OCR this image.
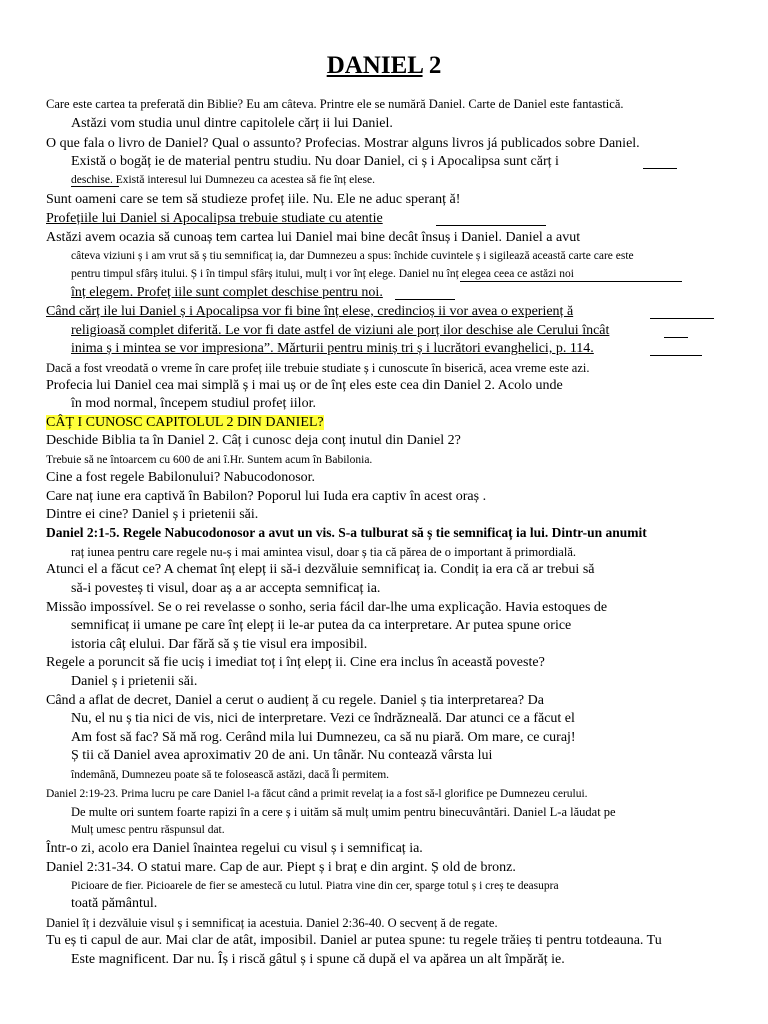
DANIEL 2
Care este cartea ta preferată din Biblie? Eu am câteva. Printre ele se numără Daniel. Carte de Daniel este fantastică.
Astăzi vom studia unul dintre capitolele cărț ii lui Daniel.
O que fala o livro de Daniel? Qual o assunto? Profecias. Mostrar alguns livros já publicados sobre Daniel.
Există o bogăț ie de material pentru studiu. Nu doar Daniel, ci ș i Apocalipsa sunt cărț i
deschise. Există interesul lui Dumnezeu ca acestea să fie înț elese.
Sunt oameni care se tem să studieze profeț iile. Nu. Ele ne aduc speranț ă!
Profețiile lui Daniel si Apocalipsa trebuie studiate cu atentie
Astăzi avem ocazia să cunoaș tem cartea lui Daniel mai bine decât însuș i Daniel. Daniel a avut
câteva viziuni ș i am vrut să ș tiu semnificaț ia, dar Dumnezeu a spus: închide cuvintele ș i sigilează această carte care este
pentru timpul sfârș itului. Ș i în timpul sfârș itului, mulț i vor înț elege. Daniel nu înț elegea ceea ce astăzi noi
înț elegem. Profeț iile sunt complet deschise pentru noi.
Când cărț ile lui Daniel ș i Apocalipsa vor fi bine înț elese, credincioș ii vor avea o experienț ă
religioasă complet diferită. Le vor fi date astfel de viziuni ale porț ilor deschise ale Cerului încât
inima ș i mintea se vor impresiona”. Mărturii pentru miniș tri ș i lucrători evanghelici, p. 114.
Dacă a fost vreodată o vreme în care profeț iile trebuie studiate ș i cunoscute în biserică, acea vreme este azi.
Profecia lui Daniel cea mai simplă ș i mai uș or de înț eles este cea din Daniel 2. Acolo unde
în mod normal, începem studiul profeț iilor.
CÂȚ I CUNOSC CAPITOLUL 2 DIN DANIEL?
Deschide Biblia ta în Daniel 2. Câț i cunosc deja conț inutul din Daniel 2?
Trebuie să ne întoarcem cu 600 de ani î.Hr. Suntem acum în Babilonia.
Cine a fost regele Babilonului? Nabucodonosor.
Care naț iune era captivă în Babilon? Poporul lui Iuda era captiv în acest oraș .
Dintre ei cine? Daniel ș i prietenii săi.
Daniel 2:1-5. Regele Nabucodonosor a avut un vis. S-a tulburat să ș tie semnificaț ia lui. Dintr-un anumit
raț iunea pentru care regele nu-ș i mai amintea visul, doar ș tia că părea de o important ă primordială.
Atunci el a făcut ce? A chemat înț elepț ii să-i dezvăluie semnificaț ia. Condiț ia era că ar trebui să
să-i povesteș ti visul, doar aș a ar accepta semnificaț ia.
Missão impossível. Se o rei revelasse o sonho, seria fácil dar-lhe uma explicação. Havia estoques de
semnificaț ii umane pe care înț elepț ii le-ar putea da ca interpretare. Ar putea spune orice
istoria câț elului. Dar fără să ș tie visul era imposibil.
Regele a poruncit să fie uciș i imediat toț i înț elepț ii. Cine era inclus în această poveste?
Daniel ș i prietenii săi.
Când a aflat de decret, Daniel a cerut o audienț ă cu regele. Daniel ș tia interpretarea? Da
Nu, el nu ș tia nici de vis, nici de interpretare. Vezi ce îndrăzneală. Dar atunci ce a făcut el
Am fost să fac? Să mă rog. Cerând mila lui Dumnezeu, ca să nu piară. Om mare, ce curaj!
Ș tii că Daniel avea aproximativ 20 de ani. Un tânăr. Nu contează vârsta lui
îndemână, Dumnezeu poate să te folosească astăzi, dacă Îi permitem.
Daniel 2:19-23. Prima lucru pe care Daniel l-a făcut când a primit revelaț ia a fost să-l glorifice pe Dumnezeu cerului.
De multe ori suntem foarte rapizi în a cere ș i uităm să mulț umim pentru binecuvântări. Daniel L-a lăudat pe
Mulț umesc pentru răspunsul dat.
Într-o zi, acolo era Daniel înaintea regelui cu visul ș i semnificaț ia.
Daniel 2:31-34. O statui mare. Cap de aur. Piept ș i braț e din argint. Ș old de bronz.
Picioare de fier. Picioarele de fier se amestecă cu lutul. Piatra vine din cer, sparge totul ș i creș te deasupra
toată pământul.
Daniel îț i dezvăluie visul ș i semnificaț ia acestuia. Daniel 2:36-40. O secvenț ă de regate.
Tu eș ti capul de aur. Mai clar de atât, imposibil. Daniel ar putea spune: tu regele trăieș ti pentru totdeauna. Tu
Este magnificent. Dar nu. Îș i riscă gâtul ș i spune că după el va apărea un alt împărăț ie.
